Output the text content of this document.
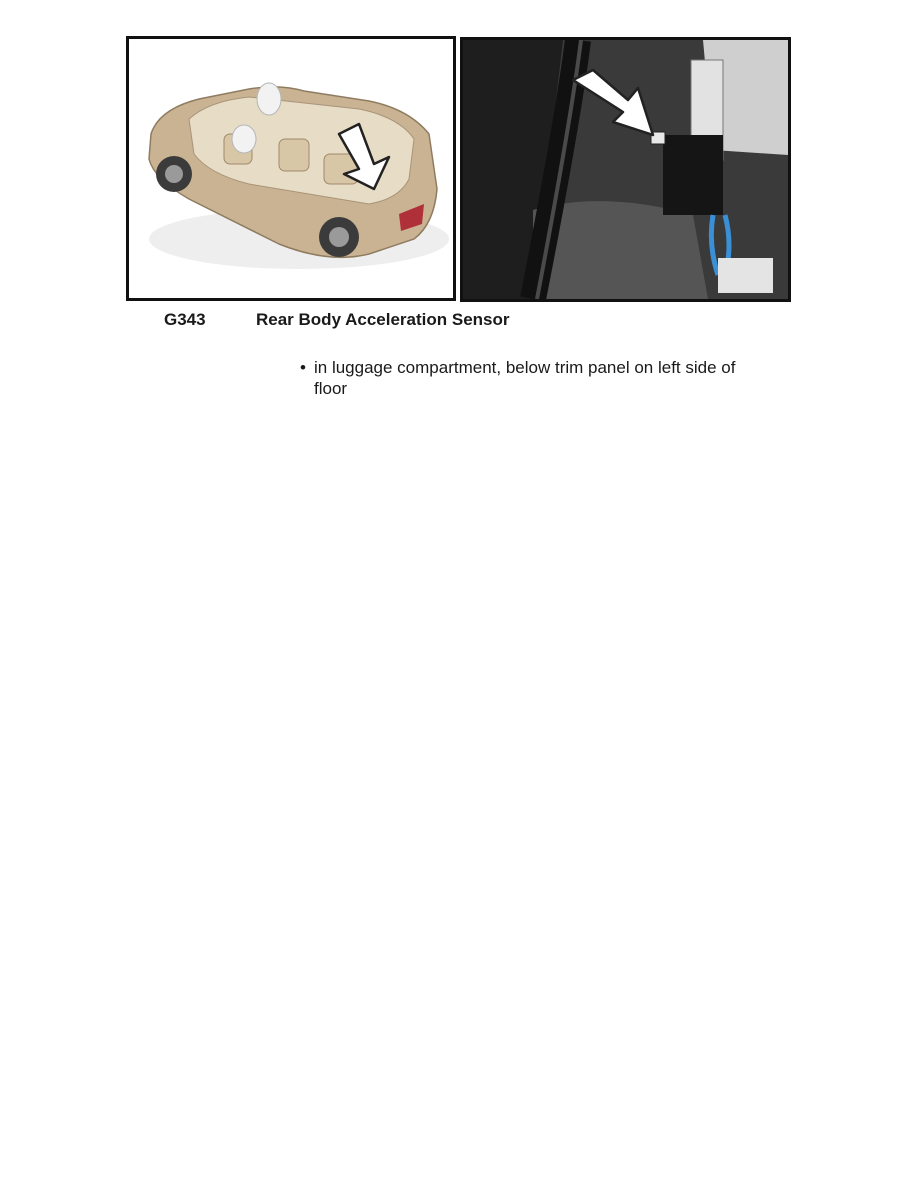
G343	Rear Body Acceleration Sensor
• in luggage compartment, below trim panel on left side of floor
